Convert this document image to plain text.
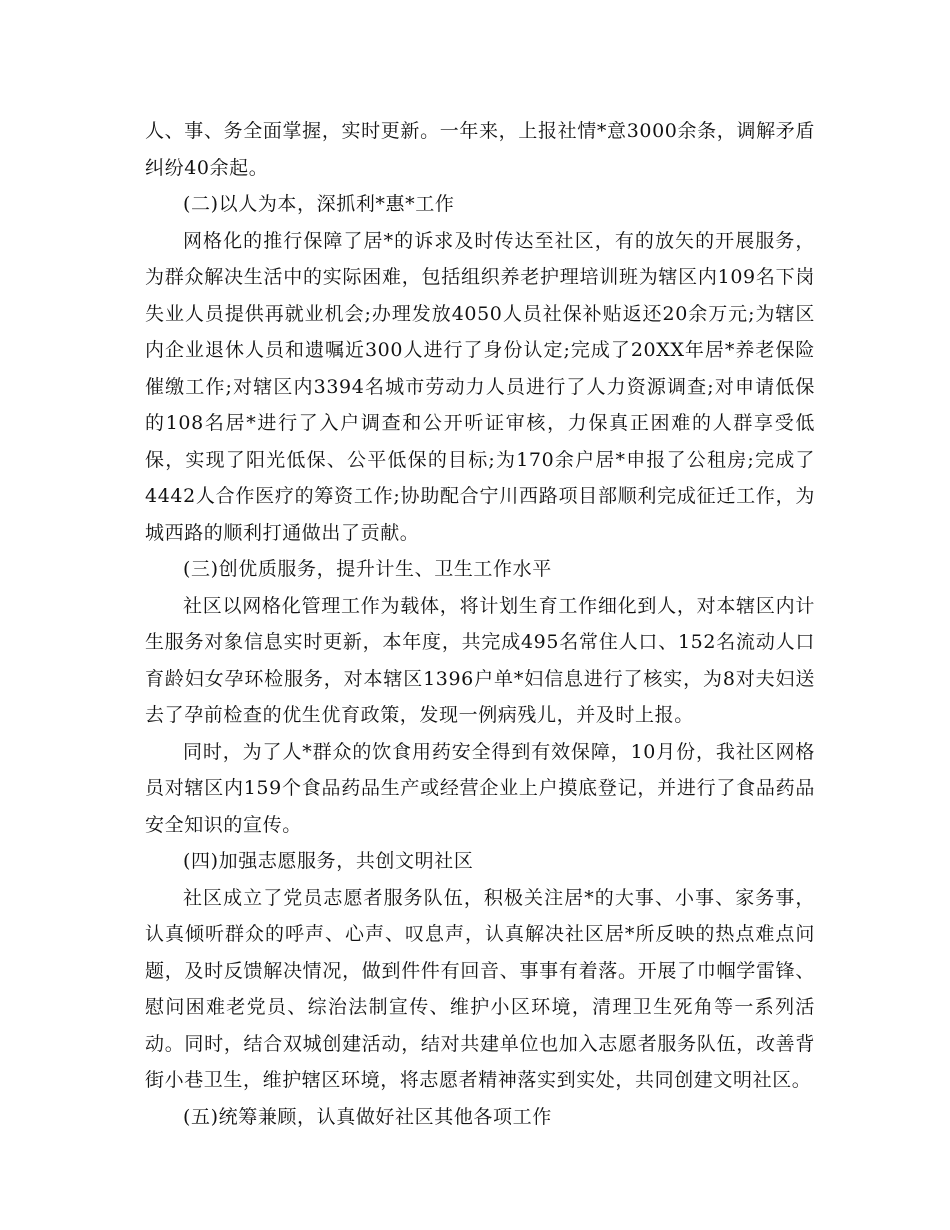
人、事、务全面掌握，实时更新。一年来，上报社情*意3000余条，调解矛盾纠纷40余起。

(二)以人为本，深抓利*惠*工作

网格化的推行保障了居*的诉求及时传达至社区，有的放矢的开展服务，为群众解决生活中的实际困难，包括组织养老护理培训班为辖区内109名下岗失业人员提供再就业机会;办理发放4050人员社保补贴返还20余万元;为辖区内企业退休人员和遗嘱近300人进行了身份认定;完成了20XX年居*养老保险催缴工作;对辖区内3394名城市劳动力人员进行了人力资源调查;对申请低保的108名居*进行了入户调查和公开听证审核，力保真正困难的人群享受低保，实现了阳光低保、公平低保的目标;为170余户居*申报了公租房;完成了4442人合作医疗的筹资工作;协助配合宁川西路项目部顺利完成征迁工作，为城西路的顺利打通做出了贡献。

(三)创优质服务，提升计生、卫生工作水平

社区以网格化管理工作为载体，将计划生育工作细化到人，对本辖区内计生服务对象信息实时更新，本年度，共完成495名常住人口、152名流动人口育龄妇女孕环检服务，对本辖区1396户单*妇信息进行了核实，为8对夫妇送去了孕前检查的优生优育政策，发现一例病残儿，并及时上报。

同时，为了人*群众的饮食用药安全得到有效保障，10月份，我社区网格员对辖区内159个食品药品生产或经营企业上户摸底登记，并进行了食品药品安全知识的宣传。

(四)加强志愿服务，共创文明社区

社区成立了党员志愿者服务队伍，积极关注居*的大事、小事、家务事，认真倾听群众的呼声、心声、叹息声，认真解决社区居*所反映的热点难点问题，及时反馈解决情况，做到件件有回音、事事有着落。开展了巾帼学雷锋、慰问困难老党员、综治法制宣传、维护小区环境，清理卫生死角等一系列活动。同时，结合双城创建活动，结对共建单位也加入志愿者服务队伍，改善背街小巷卫生，维护辖区环境，将志愿者精神落实到实处，共同创建文明社区。

(五)统筹兼顾，认真做好社区其他各项工作
